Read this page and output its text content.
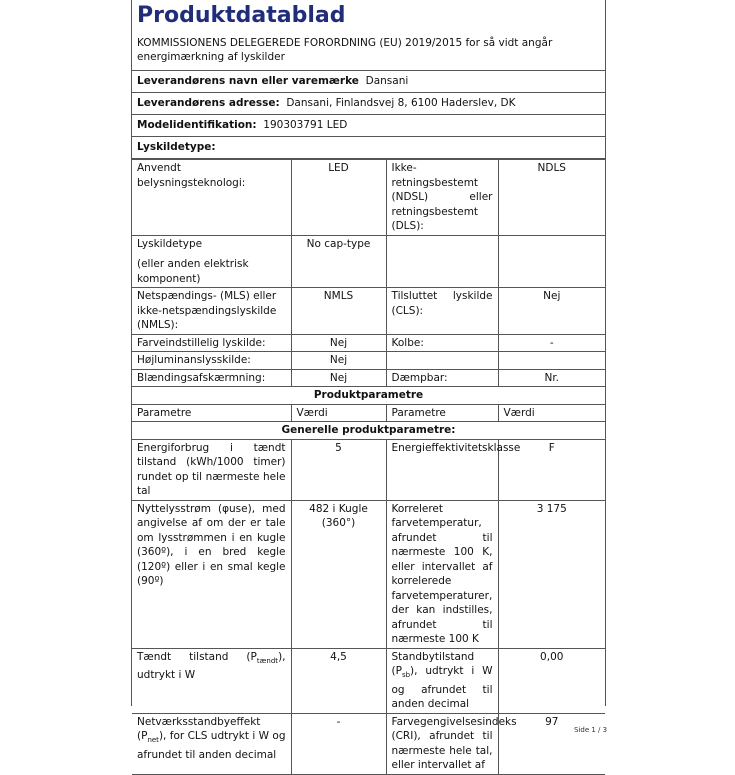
Produktdatablad
KOMMISSIONENS DELEGEREDE FORORDNING (EU) 2019/2015 for så vidt angår energimærkning af lyskilder
Leverandørens navn eller varemærke Dansani
Leverandørens adresse: Dansani, Finlandsvej 8, 6100 Haderslev, DK
Modelidentifikation: 190303791 LED
Lyskildetype:
Anvendt belysningsteknologi:	LED	Ikke-retningsbestemt (NDSL) eller retningsbestemt (DLS):	NDLS
Lyskildetype
(eller anden elektrisk komponent)	No cap-type		
Netspændings- (MLS) eller ikke-netspændingslyskilde (NMLS):	NMLS	Tilsluttet lyskilde (CLS):	Nej
Farveindstillelig lyskilde:	Nej	Kolbe:	-
Højluminanslysskilde:	Nej		
Blændingsafskærmning:	Nej	Dæmpbar:	Nr.
Produktparametre			
Parametre	Værdi	Parametre	Værdi
Generelle produktparametre:			
Energiforbrug i tændt tilstand (kWh/1000 timer) rundet op til nærmeste hele tal	5	Energieffektivitetsklasse	F
Nyttelysstrøm (φuse), med angivelse af om der er tale om lysstrømmen i en kugle (360º), i en bred kegle (120º) eller i en smal kegle (90º)	482 i Kugle (360°)	Korreleret farvetemperatur, afrundet til nærmeste 100 K, eller intervallet af korrelerede farvetemperaturer, der kan indstilles, afrundet til nærmeste 100 K	3 175
Tændt tilstand $(P_{tændt})$, udtrykt i W	4,5	Standbytilstand $(P_{sb})$, udtrykt i W og afrundet til anden decimal	0,00
Netværksstandbyeffekt $(P_{net})$, for CLS udtrykt i W og afrundet til anden decimal	-	Farvegengivelsesindeks (CRI), afrundet til nærmeste hele tal, eller intervallet af	97
Side 1 / 3
